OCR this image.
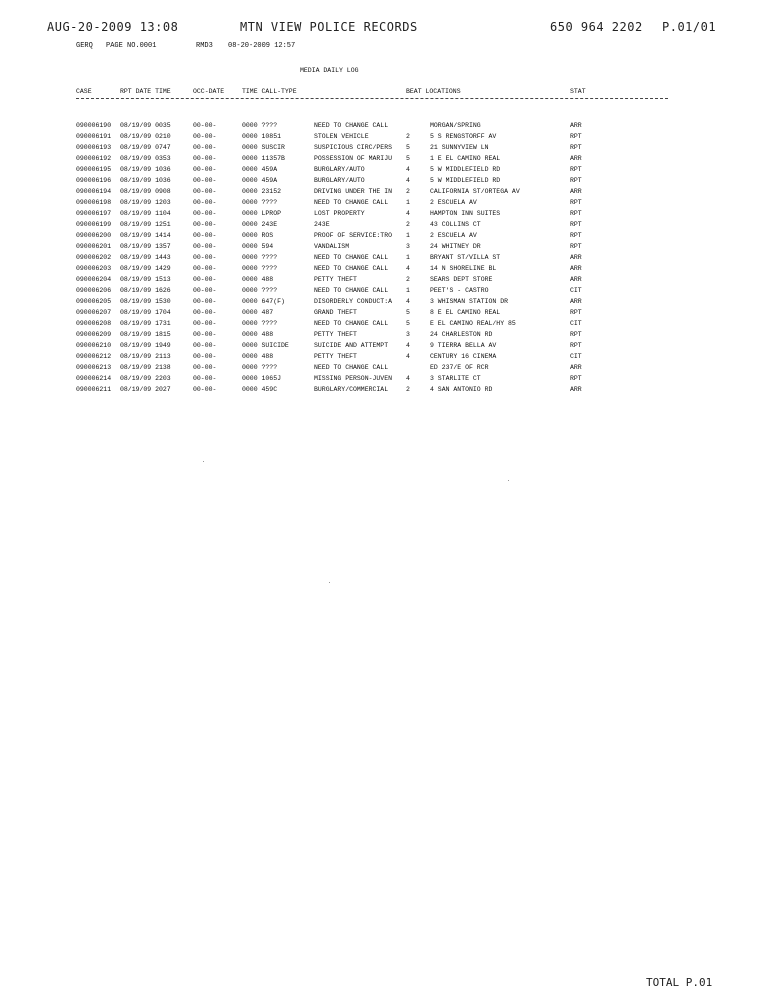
AUG-20-2009 13:08	MTN VIEW POLICE RECORDS	650 964 2202 P.01/01
GERQ PAGE NO.0001	RMD3 08-20-2009 12:57
MEDIA DAILY LOG
CASE	RPT DATE TIME	OCC-DATE	TIME CALL-TYPE	BEAT LOCATIONS	STAT
090006190 08/19/09 0035	00-00-	0000 ????	NEED TO CHANGE CALL	MORGAN/SPRING	ARR
090006191 08/19/09 0210	00-00-	0000 10851	STOLEN VEHICLE	2	5 S RENGSTORFF AV	RPT
090006193 08/19/09 0747	00-00-	0000 SUSCIR	SUSPICIOUS CIRC/PERS 5	21 SUNNYVIEW LN	RPT
090006192 08/19/09 0353	00-00-	0000 11357B	POSSESSION OF MARIJU 5	1 E EL CAMINO REAL	ARR
090006195 08/19/09 1036	00-00-	0000 459A	BURGLARY/AUTO	4	5 W MIDDLEFIELD RD	RPT
090006196 08/19/09 1036	00-00-	0000 459A	BURGLARY/AUTO	4	5 W MIDDLEFIELD RD	RPT
090006194 08/19/09 0908	00-00-	0000 23152	DRIVING UNDER THE IN 2	CALIFORNIA ST/ORTEGA AV	ARR
090006198 08/19/09 1203	00-00-	0000 ????	NEED TO CHANGE CALL	1	2 ESCUELA AV	RPT
090006197 08/19/09 1104	00-00-	0000 LPROP	LOST PROPERTY	4	HAMPTON INN SUITES	RPT
090006199 08/19/09 1251	00-00-	0000 243E	243E	2	43 COLLINS CT	RPT
090006200 08/19/09 1414	00-00-	0000 ROS	PROOF OF SERVICE:TRO 1	2 ESCUELA AV	RPT
090006201 08/19/09 1357	00-00-	0000 594	VANDALISM	3	24 WHITNEY DR	RPT
090006202 08/19/09 1443	00-00-	0000 ????	NEED TO CHANGE CALL	1	BRYANT ST/VILLA ST	ARR
090006203 08/19/09 1429	00-00-	0000 ????	NEED TO CHANGE CALL	4	14 N SHORELINE BL	ARR
090006204 08/19/09 1513	00-00-	0000 488	PETTY THEFT	2	SEARS DEPT STORE	ARR
090006206 08/19/09 1626	00-00-	0000 ????	NEED TO CHANGE CALL	1	PEET'S - CASTRO	CIT
090006205 08/19/09 1530	00-00-	0000 647(F)	DISORDERLY CONDUCT:A 4	3 WHISMAN STATION DR	ARR
090006207 08/19/09 1704	00-00-	0000 487	GRAND THEFT	5	8 E EL CAMINO REAL	RPT
090006208 08/19/09 1731	00-00-	0000 ????	NEED TO CHANGE CALL	5	E EL CAMINO REAL/HY 85	CIT
090006209 08/19/09 1815	00-00-	0000 488	PETTY THEFT	3	24 CHARLESTON RD	RPT
090006210 08/19/09 1949	00-00-	0000 SUICIDE	SUICIDE AND ATTEMPT	4	9 TIERRA BELLA AV	RPT
090006212 08/19/09 2113	00-00-	0000 488	PETTY THEFT	4	CENTURY 16 CINEMA	CIT
090006213 08/19/09 2138	00-00-	0000 ????	NEED TO CHANGE CALL	ED 237/E OF RCR	ARR
090006214 08/19/09 2203	00-00-	0000 1065J	MISSING PERSON-JUVEN 4	3 STARLITE CT	RPT
090006211 08/19/09 2027	00-00-	0000 459C	BURGLARY/COMMERCIAL	2	4 SAN ANTONIO RD	ARR
TOTAL P.01
